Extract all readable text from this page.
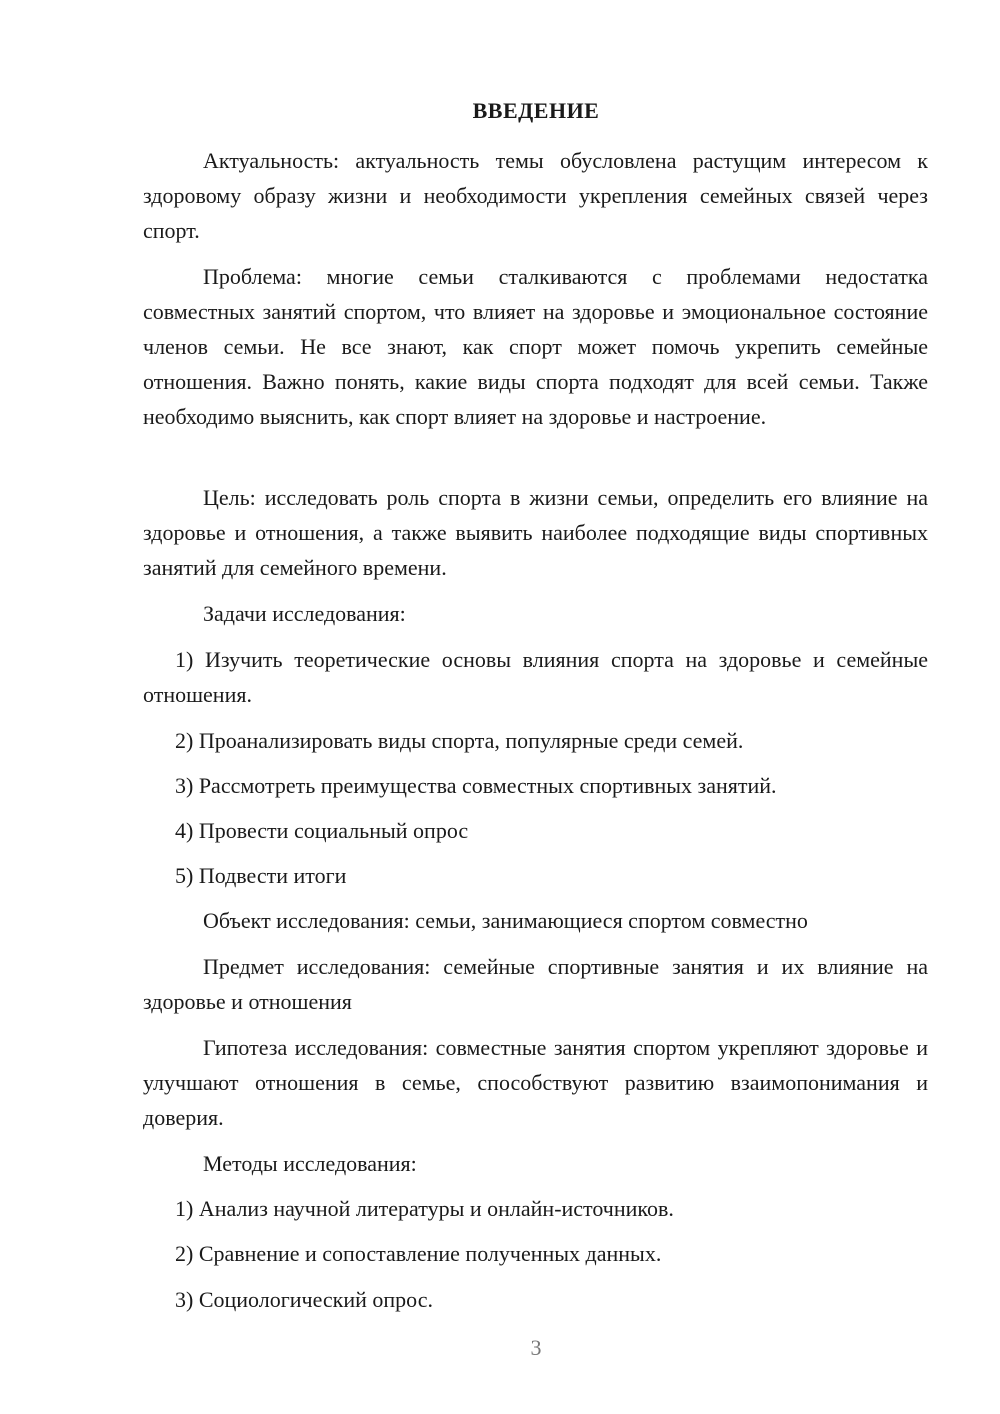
ВВЕДЕНИЕ

Актуальность: актуальность темы обусловлена растущим интересом к здоровому образу жизни и необходимости укрепления семейных связей через спорт.

Проблема: многие семьи сталкиваются с проблемами недостатка совместных занятий спортом, что влияет на здоровье и эмоциональное состояние членов семьи. Не все знают, как спорт может помочь укрепить семейные отношения. Важно понять, какие виды спорта подходят для всей семьи. Также необходимо выяснить, как спорт влияет на здоровье и настроение.

Цель: исследовать роль спорта в жизни семьи, определить его влияние на здоровье и отношения, а также выявить наиболее подходящие виды спортивных занятий для семейного времени.

Задачи исследования:

1) Изучить теоретические основы влияния спорта на здоровье и семейные отношения.

2) Проанализировать виды спорта, популярные среди семей.

3) Рассмотреть преимущества совместных спортивных занятий.

4) Провести социальный опрос

5) Подвести итоги

Объект исследования: семьи, занимающиеся спортом совместно

Предмет исследования: семейные спортивные занятия и их влияние на здоровье и отношения

Гипотеза исследования: совместные занятия спортом укрепляют здоровье и улучшают отношения в семье, способствуют развитию взаимопонимания и доверия.

Методы исследования:

1) Анализ научной литературы и онлайн-источников.

2) Сравнение и сопоставление полученных данных.

3) Социологический опрос.

3
